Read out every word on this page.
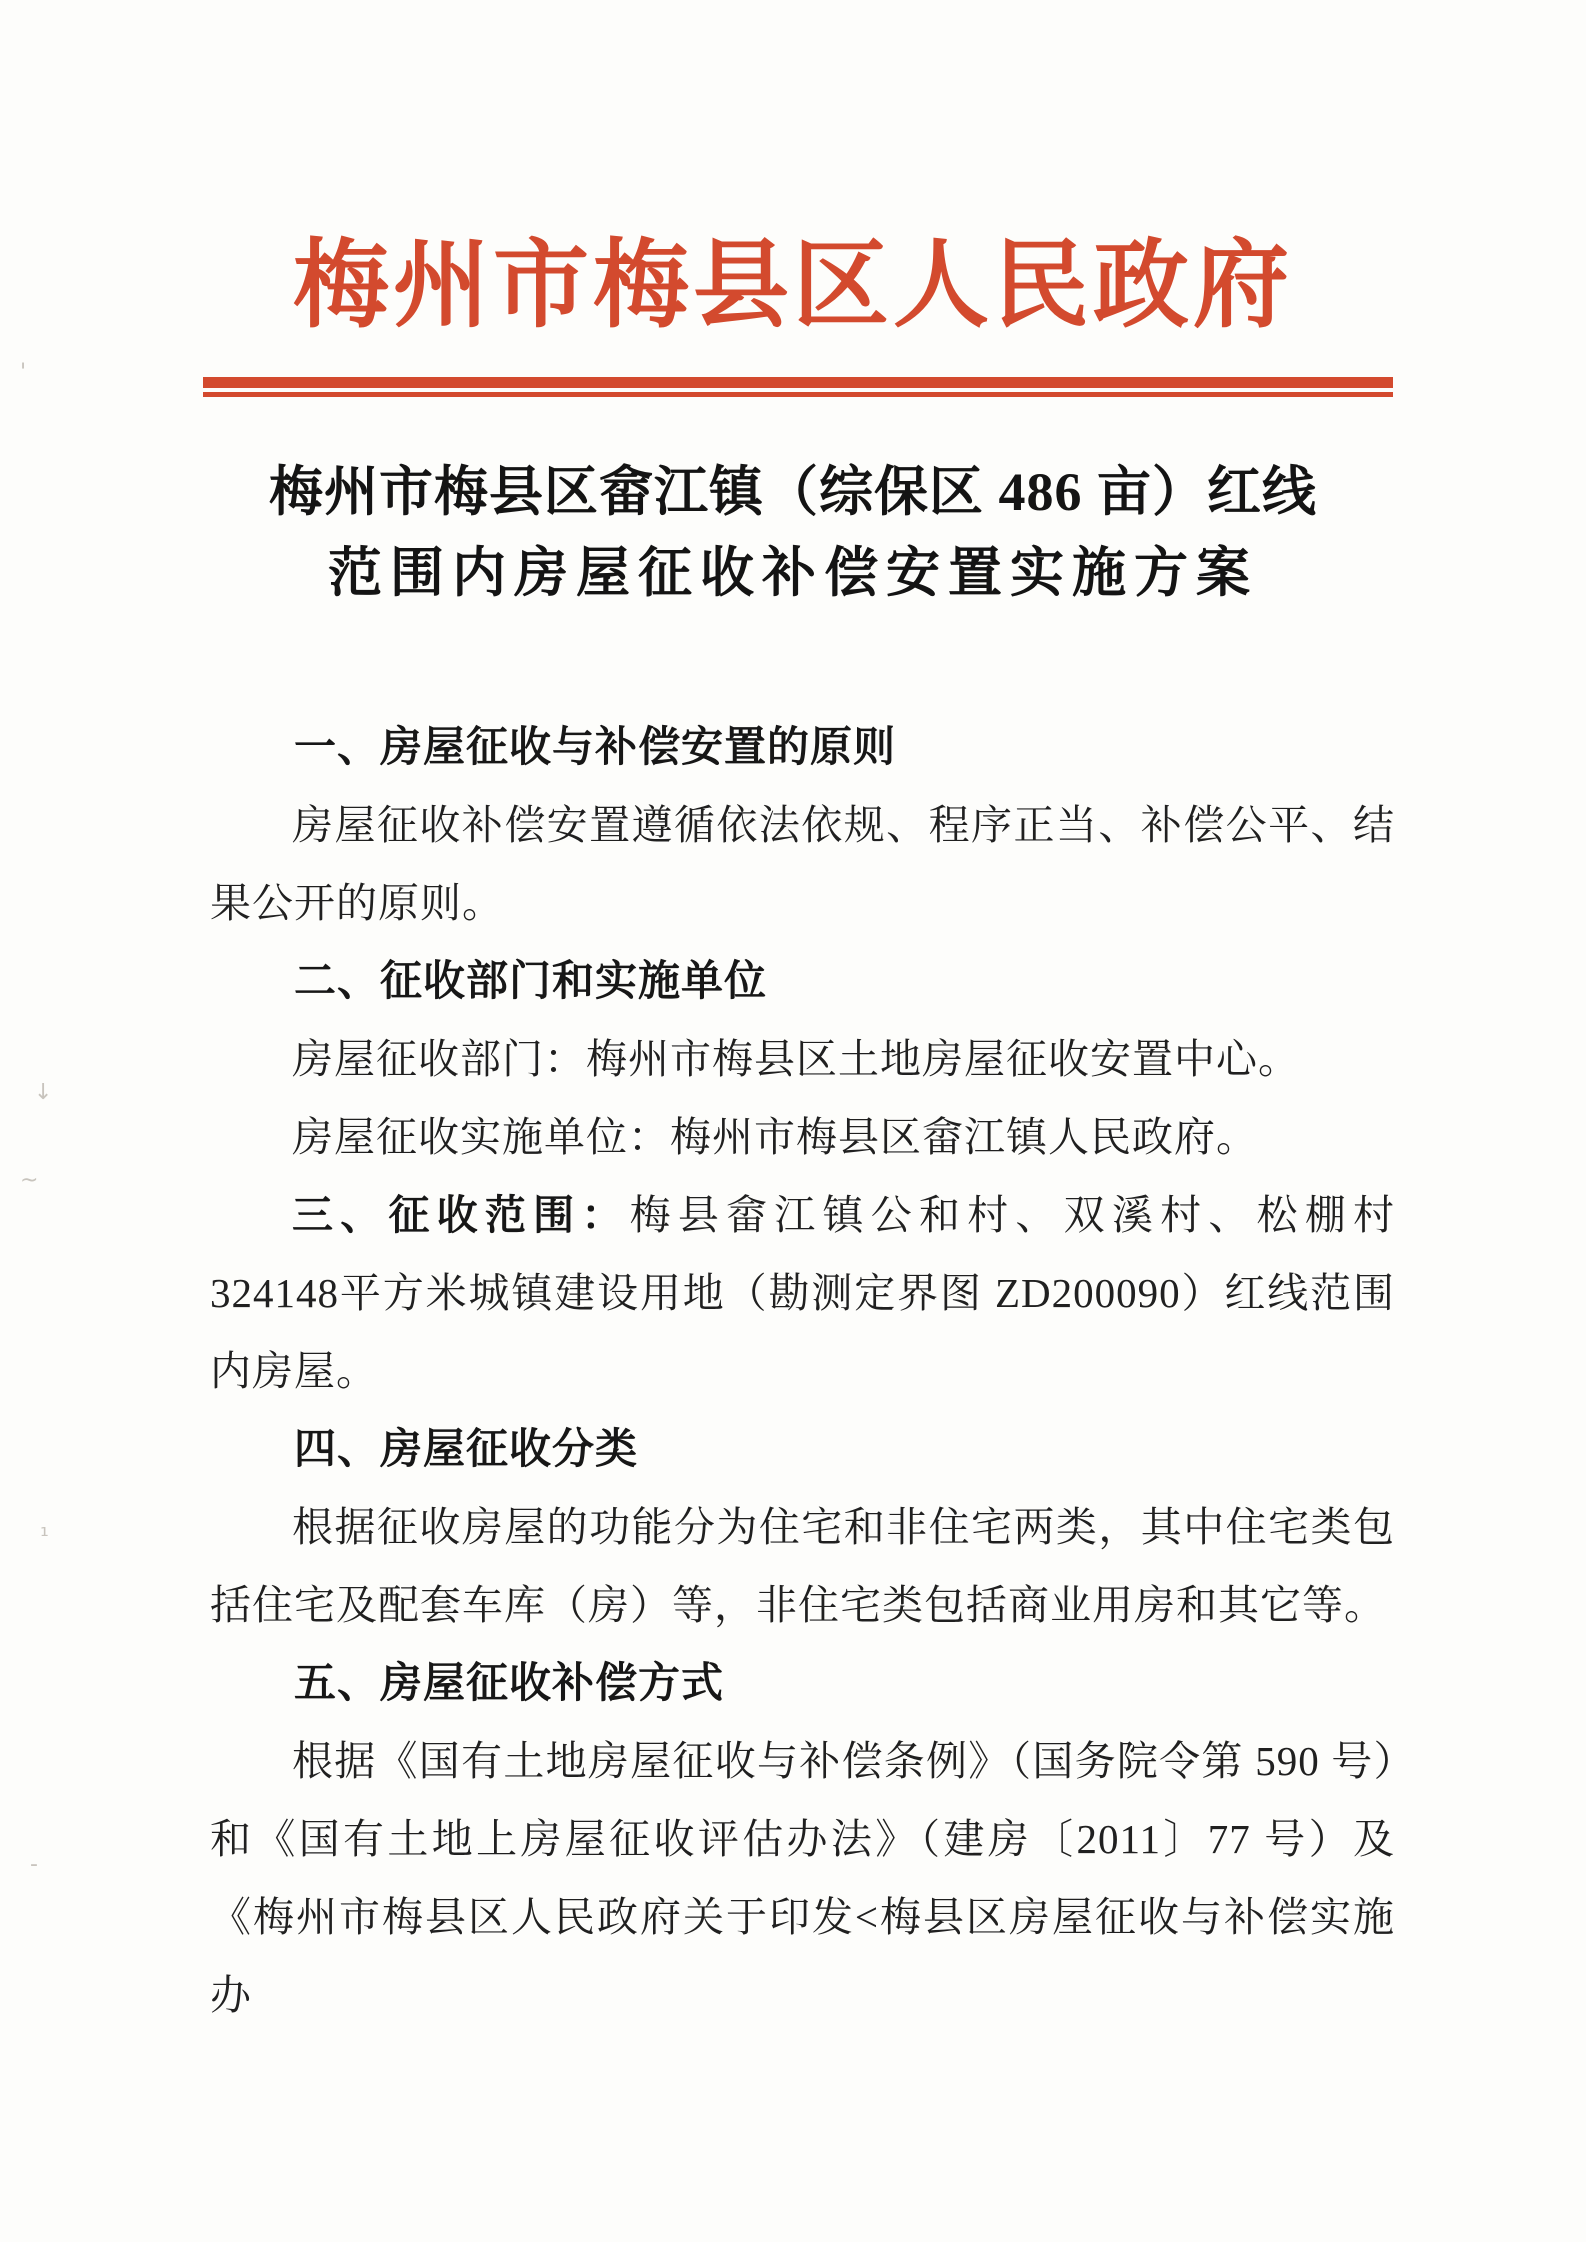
梅州市梅县区人民政府
梅州市梅县区畲江镇（综保区 486 亩）红线
范围内房屋征收补偿安置实施方案

一、房屋征收与补偿安置的原则

房屋征收补偿安置遵循依法依规、程序正当、补偿公平、结果公开的原则。

二、征收部门和实施单位

房屋征收部门：梅州市梅县区土地房屋征收安置中心。

房屋征收实施单位：梅州市梅县区畲江镇人民政府。

三、征收范围：梅县畲江镇公和村、双溪村、松棚村 324148平方米城镇建设用地（勘测定界图 ZD200090）红线范围内房屋。

四、房屋征收分类

根据征收房屋的功能分为住宅和非住宅两类，其中住宅类包括住宅及配套车库（房）等，非住宅类包括商业用房和其它等。

五、房屋征收补偿方式

根据《国有土地房屋征收与补偿条例》（国务院令第 590 号）和《国有土地上房屋征收评估办法》（建房〔2011〕77 号）及《梅州市梅县区人民政府关于印发<梅县区房屋征收与补偿实施办

'
↓
~
¹
-
